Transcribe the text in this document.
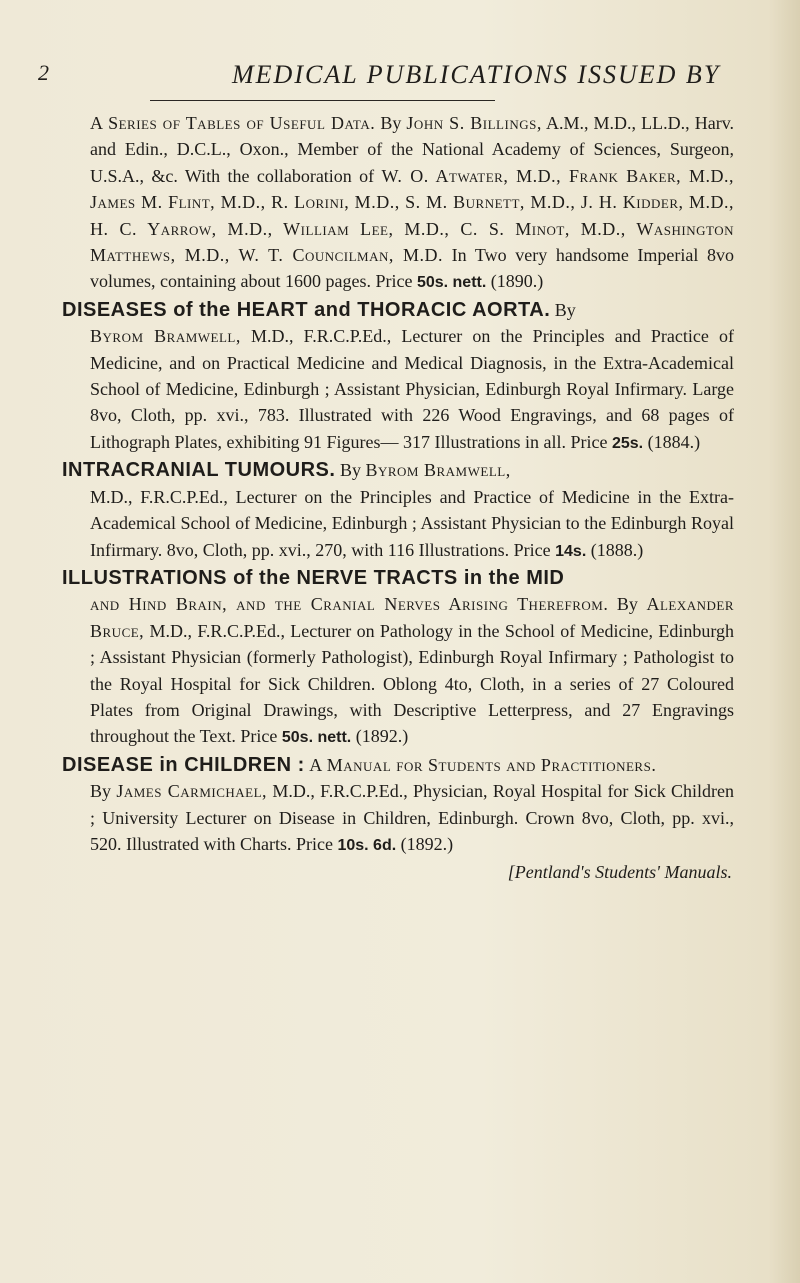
2	MEDICAL PUBLICATIONS ISSUED BY

A Series of Tables of Useful Data. By John S. Billings, A.M., M.D., LL.D., Harv. and Edin., D.C.L., Oxon., Member of the National Academy of Sciences, Surgeon, U.S.A., &c. With the collaboration of W. O. Atwater, M.D., Frank Baker, M.D., James M. Flint, M.D., R. Lorini, M.D., S. M. Burnett, M.D., J. H. Kidder, M.D., H. C. Yarrow, M.D., William Lee, M.D., C. S. Minot, M.D., Washington Matthews, M.D., W. T. Councilman, M.D. In Two very handsome Imperial 8vo volumes, containing about 1600 pages. Price 50s. nett. (1890.)

DISEASES of the HEART and THORACIC AORTA. By

Byrom Bramwell, M.D., F.R.C.P.Ed., Lecturer on the Principles and Practice of Medicine, and on Practical Medicine and Medical Diagnosis, in the Extra-Academical School of Medicine, Edinburgh ; Assistant Physician, Edinburgh Royal Infirmary. Large 8vo, Cloth, pp. xvi., 783. Illustrated with 226 Wood Engravings, and 68 pages of Lithograph Plates, exhibiting 91 Figures— 317 Illustrations in all. Price 25s. (1884.)

INTRACRANIAL TUMOURS. By Byrom Bramwell,

M.D., F.R.C.P.Ed., Lecturer on the Principles and Practice of Medicine in the Extra-Academical School of Medicine, Edinburgh ; Assistant Physician to the Edinburgh Royal Infirmary. 8vo, Cloth, pp. xvi., 270, with 116 Illustrations. Price 14s. (1888.)

ILLUSTRATIONS of the NERVE TRACTS in the MID

and Hind Brain, and the Cranial Nerves Arising Therefrom. By Alexander Bruce, M.D., F.R.C.P.Ed., Lecturer on Pathology in the School of Medicine, Edinburgh ; Assistant Physician (formerly Pathologist), Edinburgh Royal Infirmary ; Pathologist to the Royal Hospital for Sick Children. Oblong 4to, Cloth, in a series of 27 Coloured Plates from Original Drawings, with Descriptive Letterpress, and 27 Engravings throughout the Text. Price 50s. nett. (1892.)

DISEASE in CHILDREN : A Manual for Students and Practitioners.

By James Carmichael, M.D., F.R.C.P.Ed., Physician, Royal Hospital for Sick Children ; University Lecturer on Disease in Children, Edinburgh. Crown 8vo, Cloth, pp. xvi., 520. Illustrated with Charts. Price 10s. 6d. (1892.)

[Pentland's Students' Manuals.
